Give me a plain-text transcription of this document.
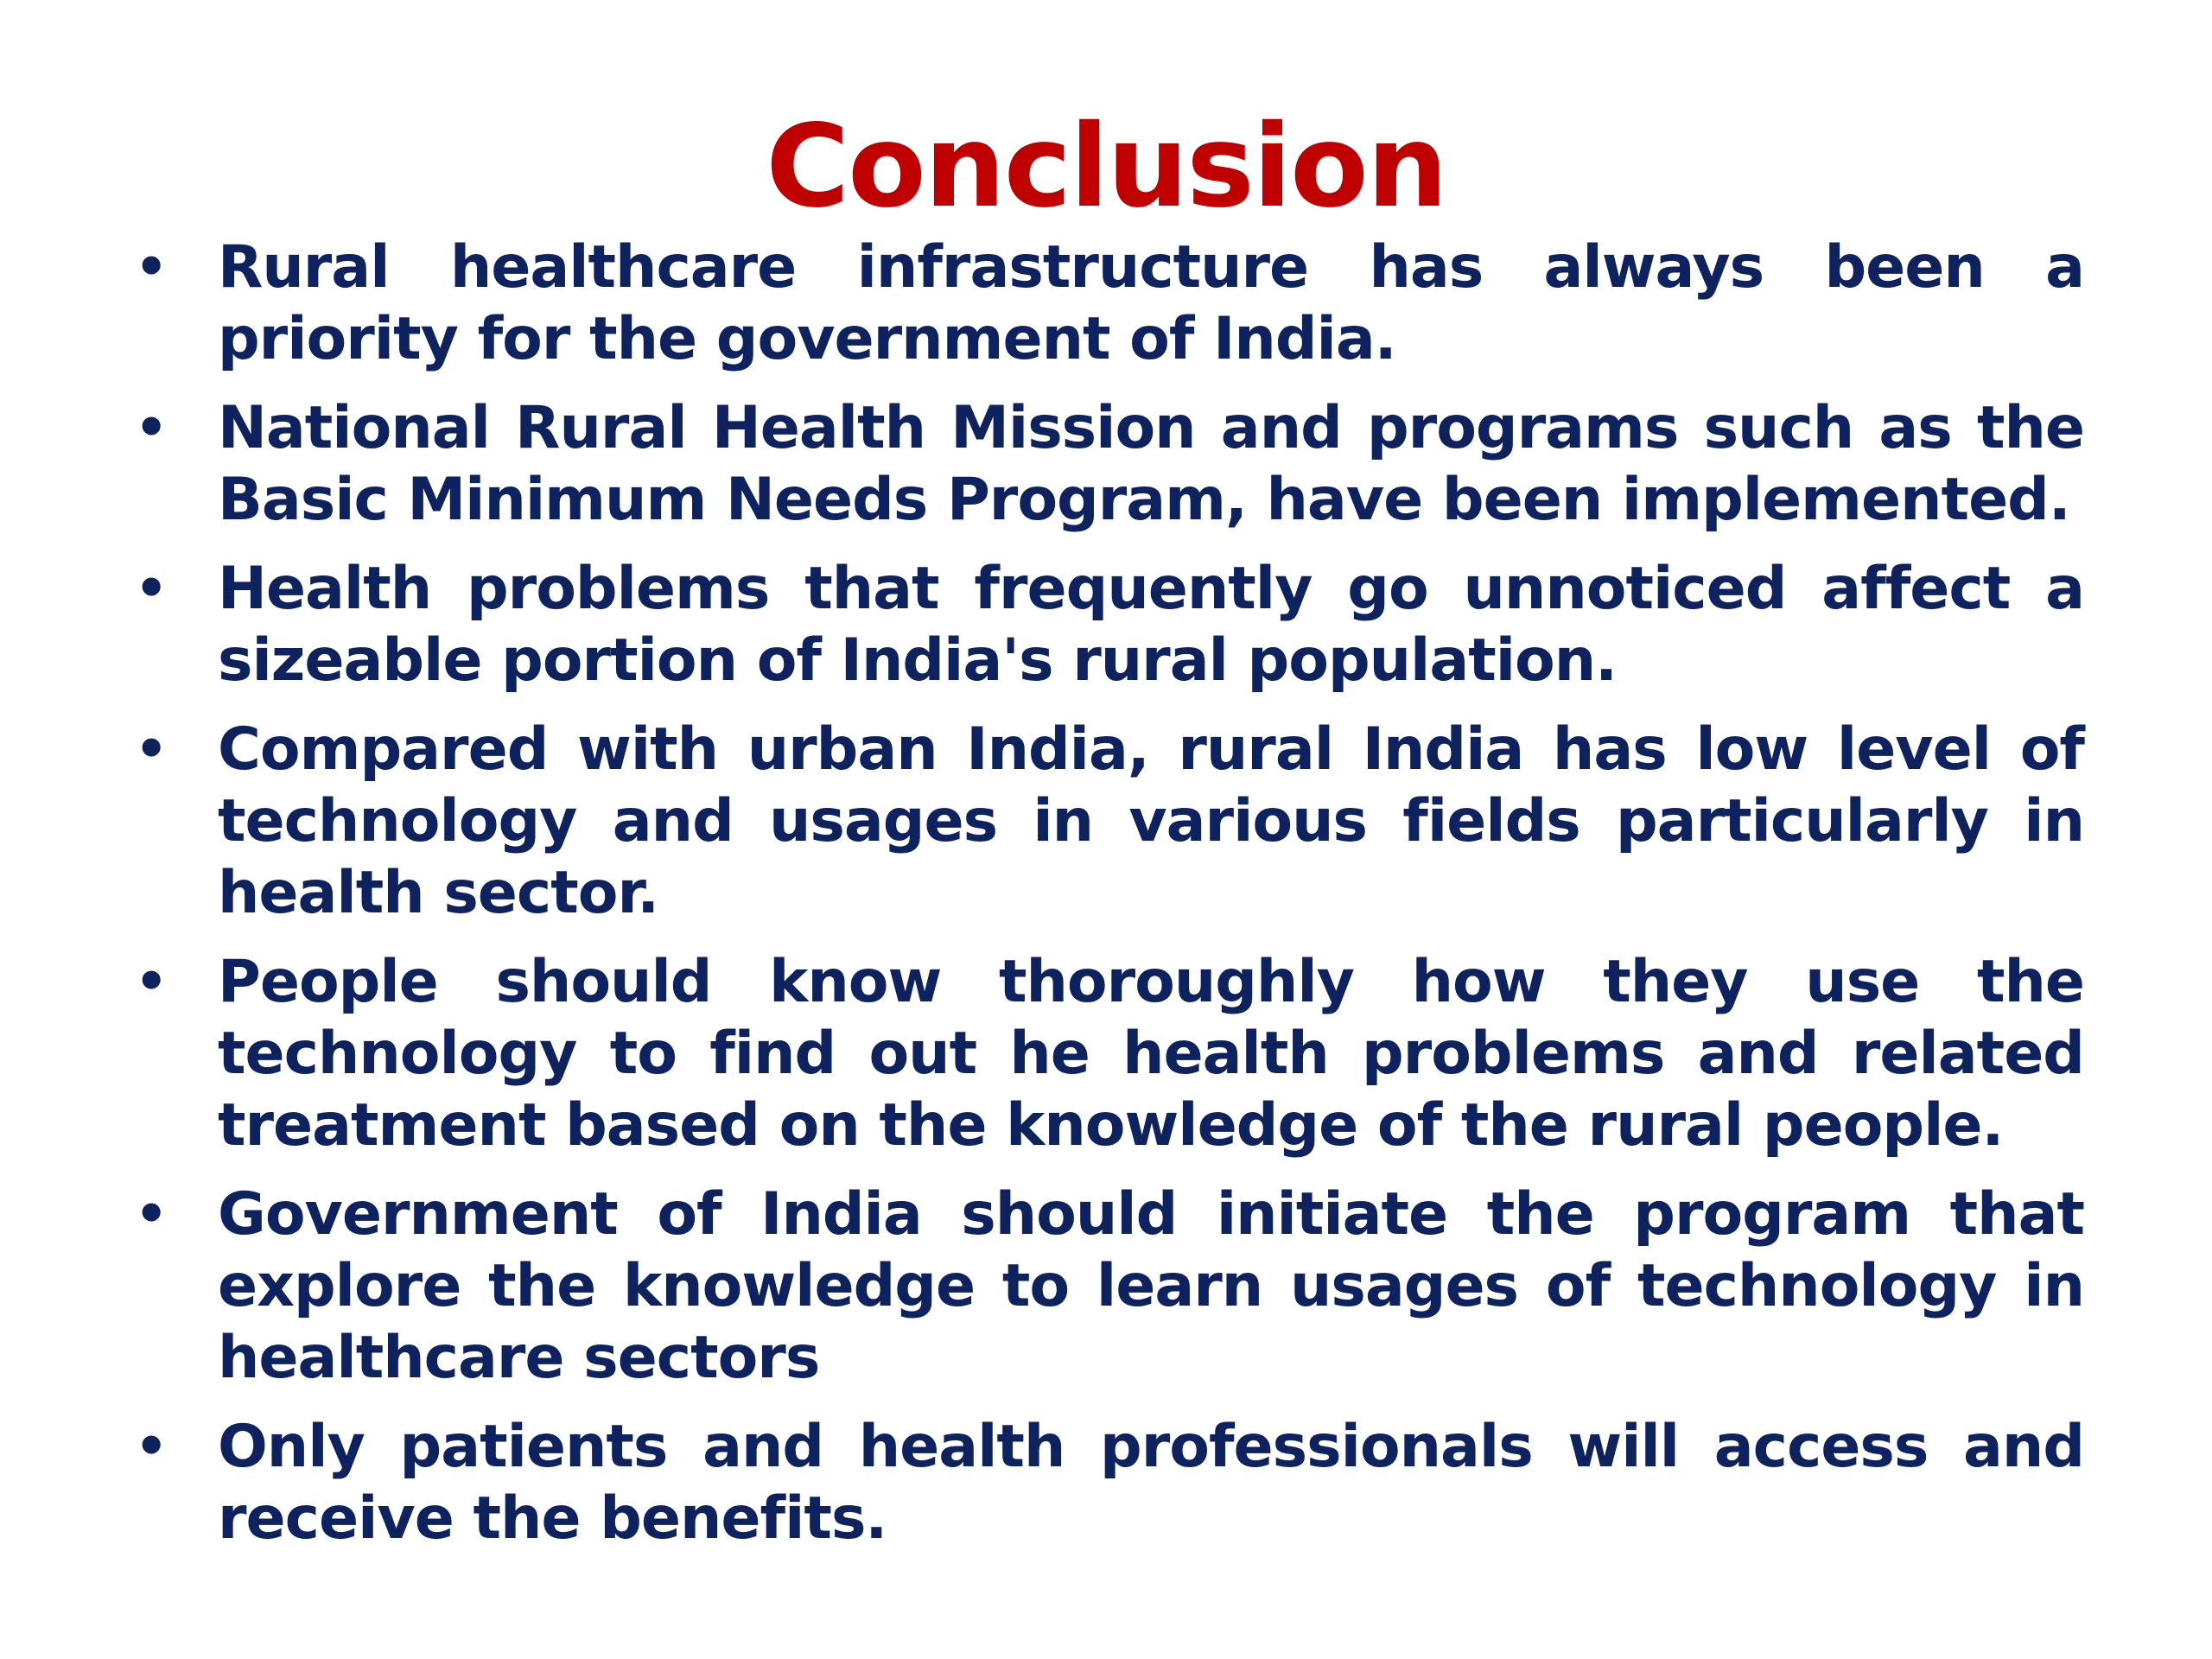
Conclusion
• Rural healthcare infrastructure has always been a priority for the government of India.
• National Rural Health Mission and programs such as the Basic Minimum Needs Program, have been implemented.
• Health problems that frequently go unnoticed affect a sizeable portion of India's rural population.
• Compared with urban India, rural India has low level of technology and usages in various fields particularly in health sector.
• People should know thoroughly how they use the technology to find out he health problems and related treatment based on the knowledge of the rural people.
• Government of India should initiate the program that explore the knowledge to learn usages of technology in healthcare sectors
• Only patients and health professionals will access and receive the benefits.
